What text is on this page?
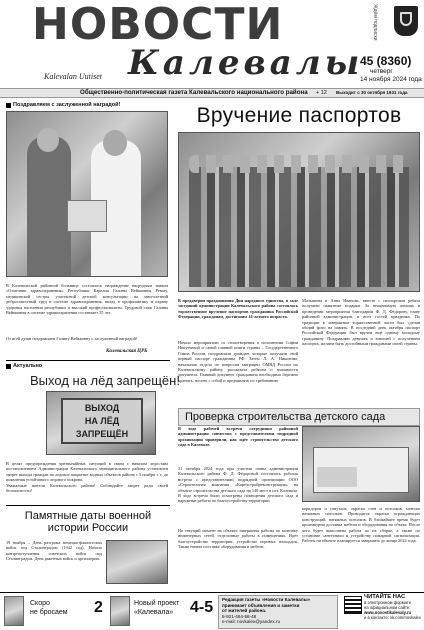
НОВОСТИ
Калевалы
Kalevalan Uutiset
Ждём подписки
45 (8360)
четверг
14 ноября 2024 года
Общественно-политическая газета Калевальского национального района + 12 Выходит с 30 октября 1931 года
Поздравляем с заслуженной наградой!
В Калевальской районной больнице состоялось награждение нагрудным знаком «Отличник здравоохранения» Республики Карелия Галины Вейкковны Ремму, медицинской сестры участковой детской консультации на многолетний добросовестный труд в системе здравоохранения, вклад в профилактику и охрану здоровья населения республики и высокий профессионализм. Трудовой стаж Галины Вейкковны в системе здравоохранения составляет 35 лет.
От всей души поздравляем Галину Вейкковну с заслуженной наградой!
Калевальская ЦРБ
Актуально
Выход на лёд запрещён!
ВЫХОД
НА ЛЁД
ЗАПРЕЩЁН
В целях предупреждения чрезвычайных ситуаций в связи с началом ледостава постановлением Администрации Калевальского муниципального района установлен запрет выхода граждан на ледовое покрытие водных объектов района с 5 ноября т. г. до появления устойчивого ледового покрова.
Уважаемые жители Калевальского района! Соблюдайте запрет ради своей безопасности!
Памятные даты военной
истории России
19 ноября – День разгрома немецко-фашистских войск под Сталинградом (1942 год). Начало контрнаступления советских войск под Сталинградом. День ракетных войск и артиллерии.
Вручение паспортов
В преддверии празднования Дня народного единства, в зале заседаний администрации Калевальского района состоялось торжественное вручение паспортов гражданина Российской Федерации, гражданам, достигшим 14-летнего возраста.
Начало мероприятию со стихотворения в исполнении Софии Никутьевой и самой главной книги страны – Государственного Гимна России, поздравляли граждан, которые получили свой первый паспорт гражданина РФ. Затем Л. А. Никитина, начальник отдела по вопросам миграции ОМВД России по Калевальскому району, рассказала ребятам о значимости документа. Главный документ гражданина необходимо бережно хранить, носить с собой и предъявлять по требованию.
Малышева и Анна Иванова, вместе с паспортами ребята получили памятные подарки. За неоценимую помощь в проведении мероприятия благодарим Ф. Д. Фёдорову, главу районной администрации, и всех гостей праздника. По традиции в завершение торжественной части был сделан общий фото на память. В последний день октября паспорт Российской Федерации был вручен ещё одному молодому гражданину. Поздравляю девушек и юношей с получением паспорта, желаем быть достойными гражданами своей страны.
Проверка строительства детского сада
В ходе рабочей встречи сотрудники районной администрации совместно с представителями подрядной организации проверили, как идёт строительство детского сада в Калевале.
31 октября 2024 года при участии главы администрации Калевальского района Ф. Д. Фёдоровой состоялась рабочая встреча с представителями подрядной организации ООО «Строительная компания «Карелстройреконструкция» на объекте строительства детского сада на 140 мест в пгт. Калевала. В ходе встречи были осмотрены помещения детского сада и наружные работы по благоустройству территории.
На текущий момент на объекте завершены работы по монтажу инженерных сетей, отделочные работы в помещениях. Идёт благоустройство территории, устройство игровых площадок. Также начата поставка оборудования и мебели.
коридоров и санузлов, окраска стен и потолков, монтаж натяжных потолков. Проводятся окраска ограждающих конструкций, натяжных потолков. В ближайшее время будет произведена доставка мебели и оборудования на объект. После чего будет выполнена работа по их сборке, а также по установке сантехники и устройству пожарной сигнализации. Работы на объекте планируется завершить до конца 2024 года.
Скоро
не бросаем 2	Новый проект
«Калевала» 4-5 Редакция газеты «Новости Калевалы»
принимает объявления и заметки
от жителей района.
8-921-464-58-48
e-mail: novkalev@yandex.ru
ЧИТАЙТЕ НАС
в электронном формате
на официальном сайте:
www.novostikalevaly.ru
и в контакте: vk.com/novkalev
